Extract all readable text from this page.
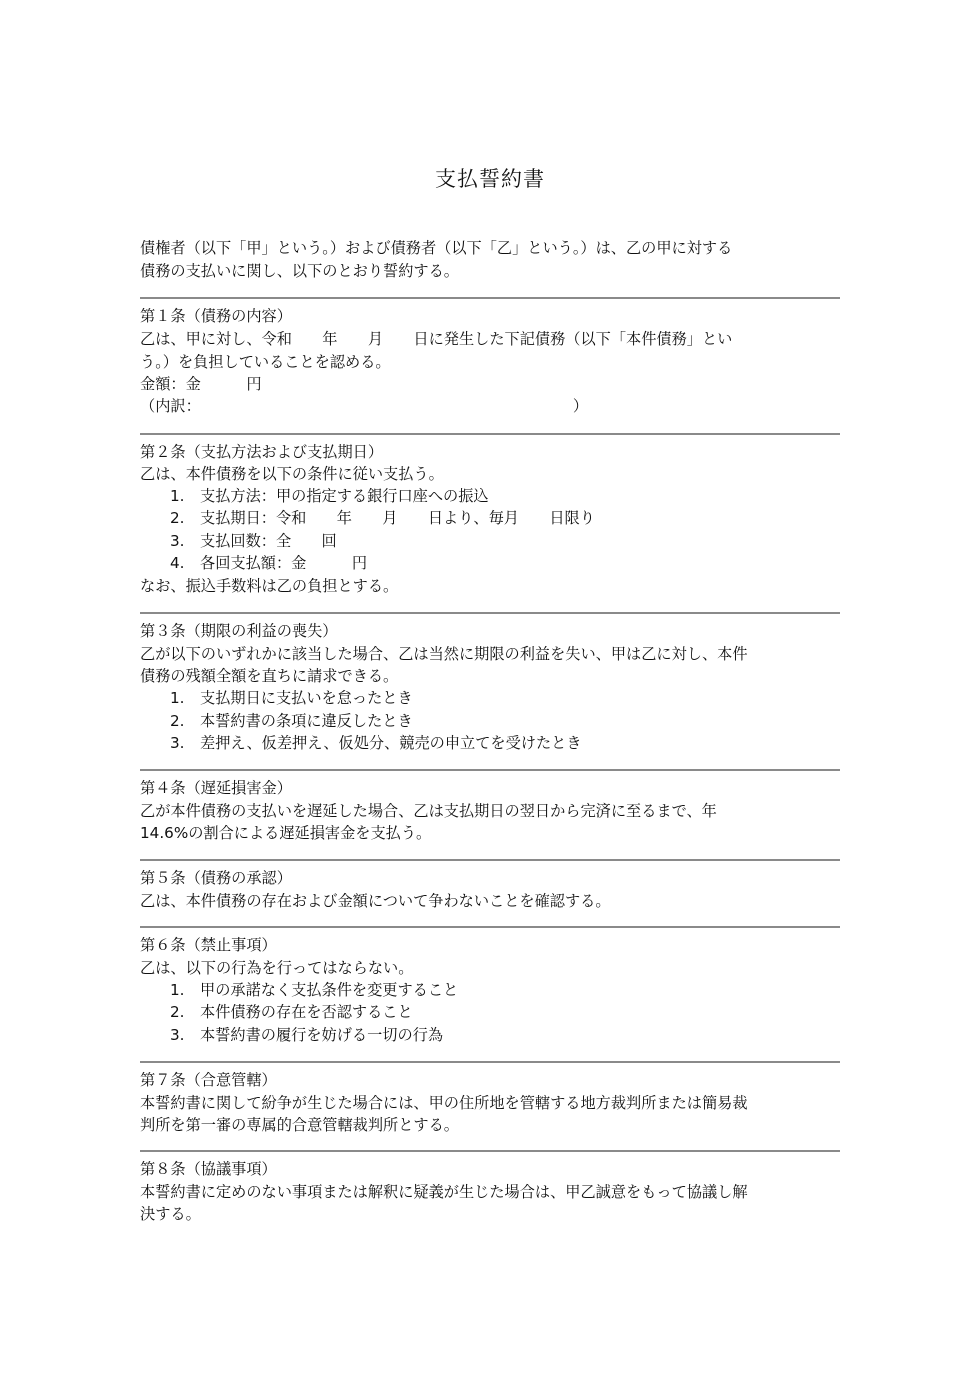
支払誓約書
債権者（以下「甲」という。）および債務者（以下「乙」という。）は、乙の甲に対する
債務の支払いに関し、以下のとおり誓約する。
第１条（債務の内容）
乙は、甲に対し、令和　　年　　月　　日に発生した下記債務（以下「本件債務」とい
う。）を負担していることを認める。
金額：金　　　円
（内訳：　　　　　　　　　　　　　　　　　　　　　　　　　）
第２条（支払方法および支払期日）
乙は、本件債務を以下の条件に従い支払う。
1. 支払方法：甲の指定する銀行口座への振込
2. 支払期日：令和　　年　　月　　日より、毎月　　日限り
3. 支払回数：全　　回
4. 各回支払額：金　　　円
なお、振込手数料は乙の負担とする。
第３条（期限の利益の喪失）
乙が以下のいずれかに該当した場合、乙は当然に期限の利益を失い、甲は乙に対し、本件
債務の残額全額を直ちに請求できる。
1. 支払期日に支払いを怠ったとき
2. 本誓約書の条項に違反したとき
3. 差押え、仮差押え、仮処分、競売の申立てを受けたとき
第４条（遅延損害金）
乙が本件債務の支払いを遅延した場合、乙は支払期日の翌日から完済に至るまで、年
14.6%の割合による遅延損害金を支払う。
第５条（債務の承認）
乙は、本件債務の存在および金額について争わないことを確認する。
第６条（禁止事項）
乙は、以下の行為を行ってはならない。
1. 甲の承諾なく支払条件を変更すること
2. 本件債務の存在を否認すること
3. 本誓約書の履行を妨げる一切の行為
第７条（合意管轄）
本誓約書に関して紛争が生じた場合には、甲の住所地を管轄する地方裁判所または簡易裁
判所を第一審の専属的合意管轄裁判所とする。
第８条（協議事項）
本誓約書に定めのない事項または解釈に疑義が生じた場合は、甲乙誠意をもって協議し解
決する。
